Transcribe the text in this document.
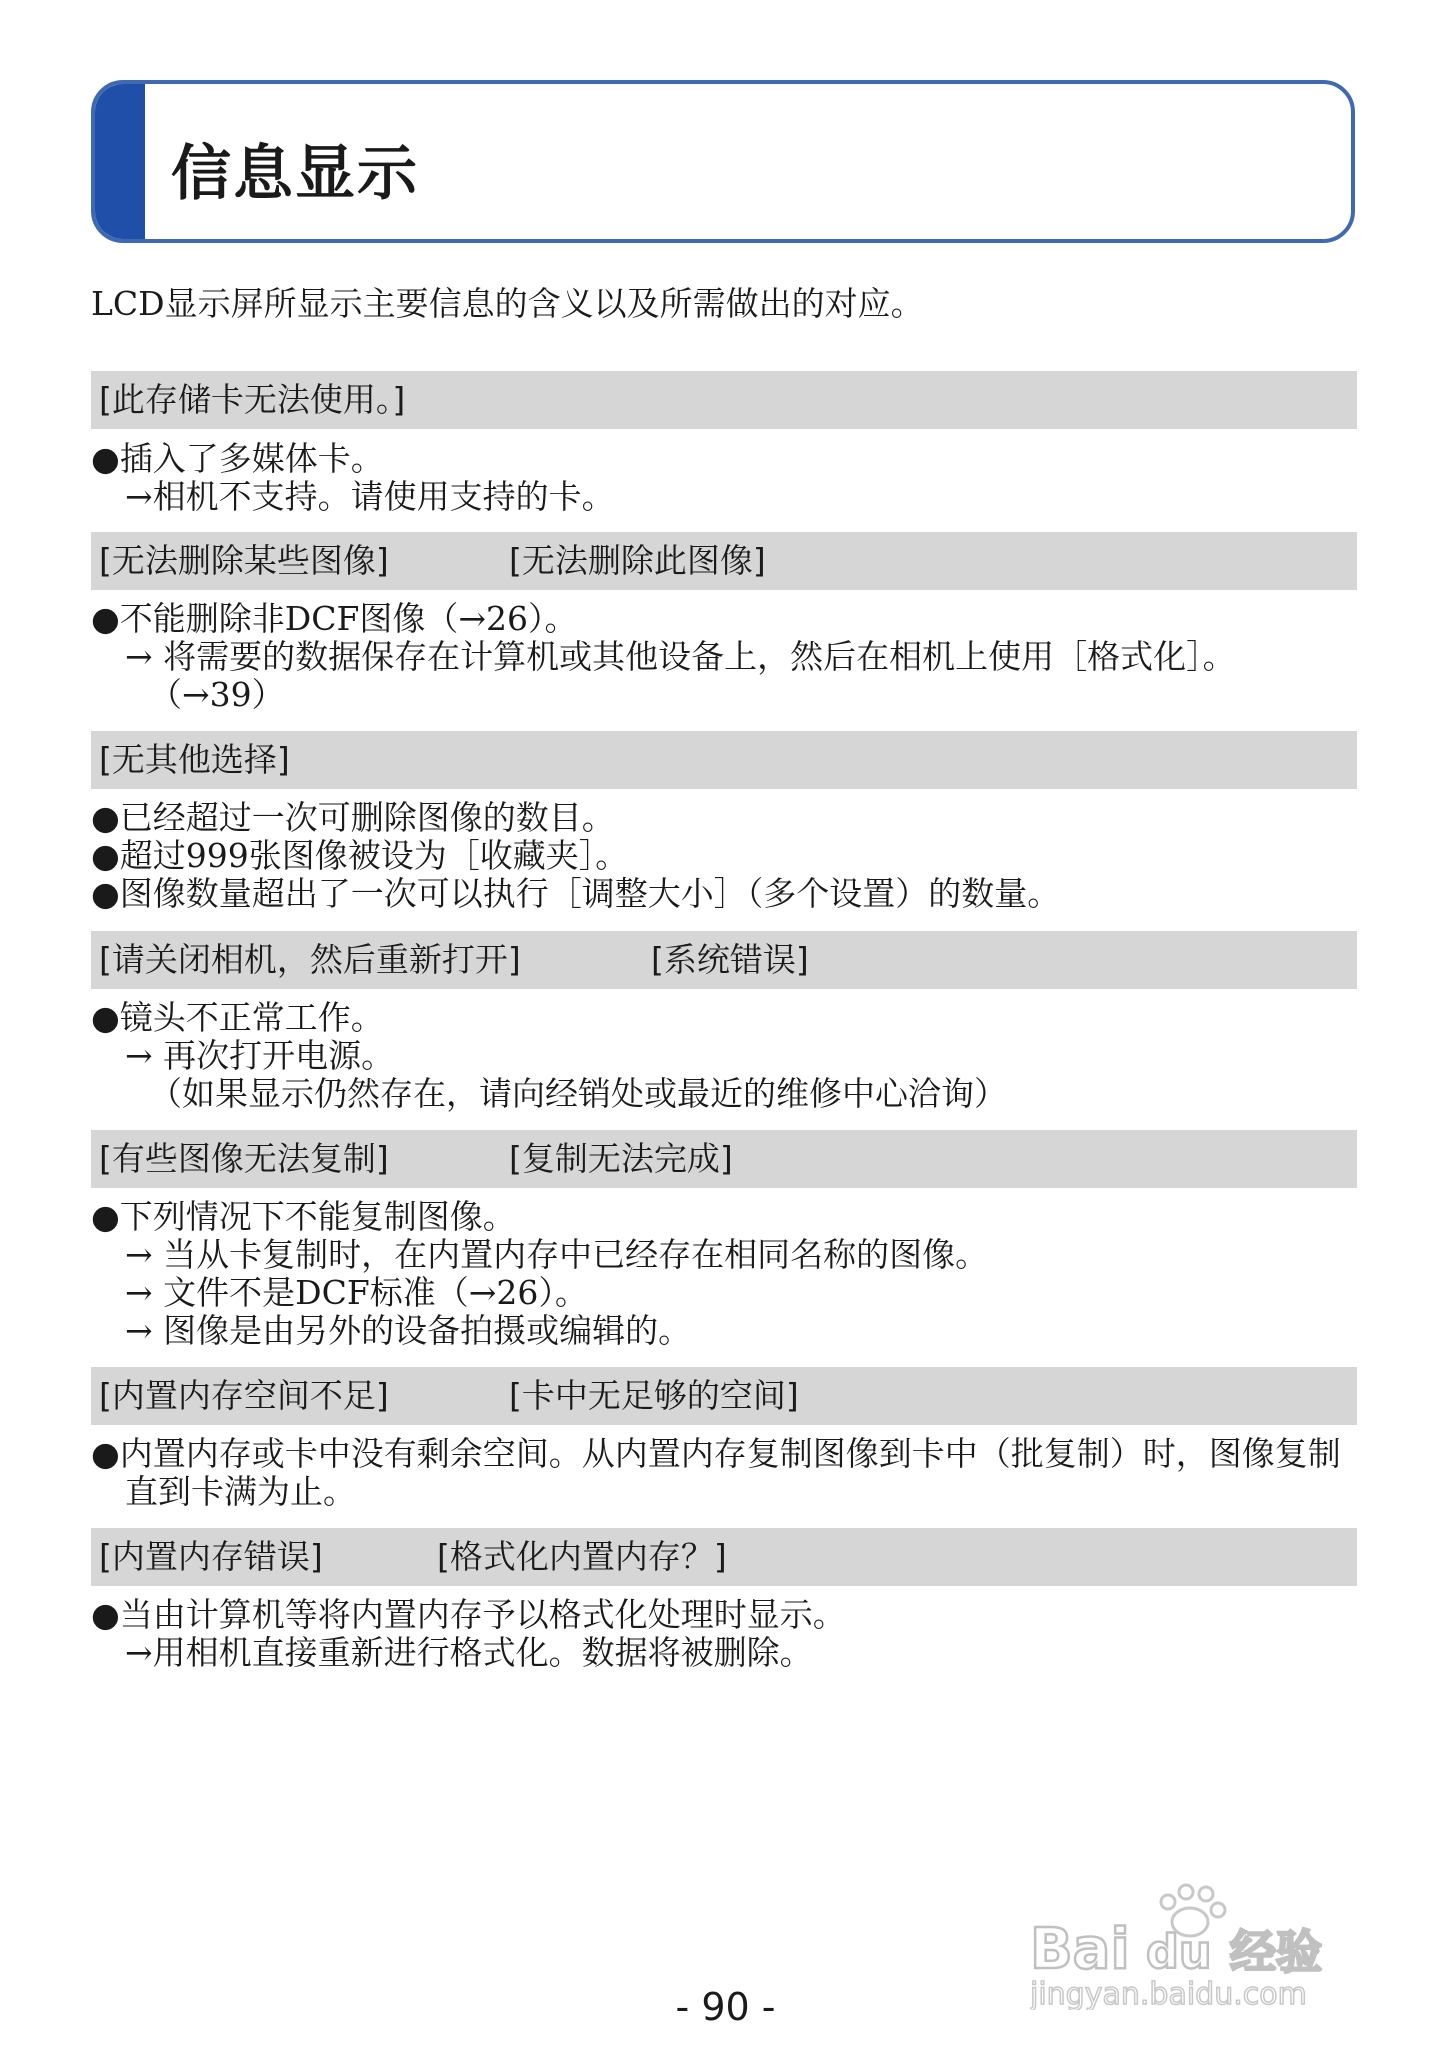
信息显示
LCD显示屏所显示主要信息的含义以及所需做出的对应。
[此存储卡无法使用。]
●插入了多媒体卡。
→相机不支持。请使用支持的卡。
[无法删除某些图像]	[无法删除此图像]
●不能删除非DCF图像（→26）。
→ 将需要的数据保存在计算机或其他设备上，然后在相机上使用［格式化］。
（→39）
[无其他选择]
●已经超过一次可删除图像的数目。
●超过999张图像被设为［收藏夹］。
●图像数量超出了一次可以执行［调整大小］（多个设置）的数量。
[请关闭相机，然后重新打开]	[系统错误]
●镜头不正常工作。
→ 再次打开电源。
（如果显示仍然存在，请向经销处或最近的维修中心洽询）
[有些图像无法复制]	[复制无法完成]
●下列情况下不能复制图像。
→ 当从卡复制时，在内置内存中已经存在相同名称的图像。
→ 文件不是DCF标准（→26）。
→ 图像是由另外的设备拍摄或编辑的。
[内置内存空间不足]	[卡中无足够的空间]
●内置内存或卡中没有剩余空间。从内置内存复制图像到卡中（批复制）时，图像复制直到卡满为止。
[内置内存错误]	[格式化内置内存？]
●当由计算机等将内置内存予以格式化处理时显示。
→用相机直接重新进行格式化。数据将被删除。
Bai du 经验
jingyan.baidu.com
- 90 -
